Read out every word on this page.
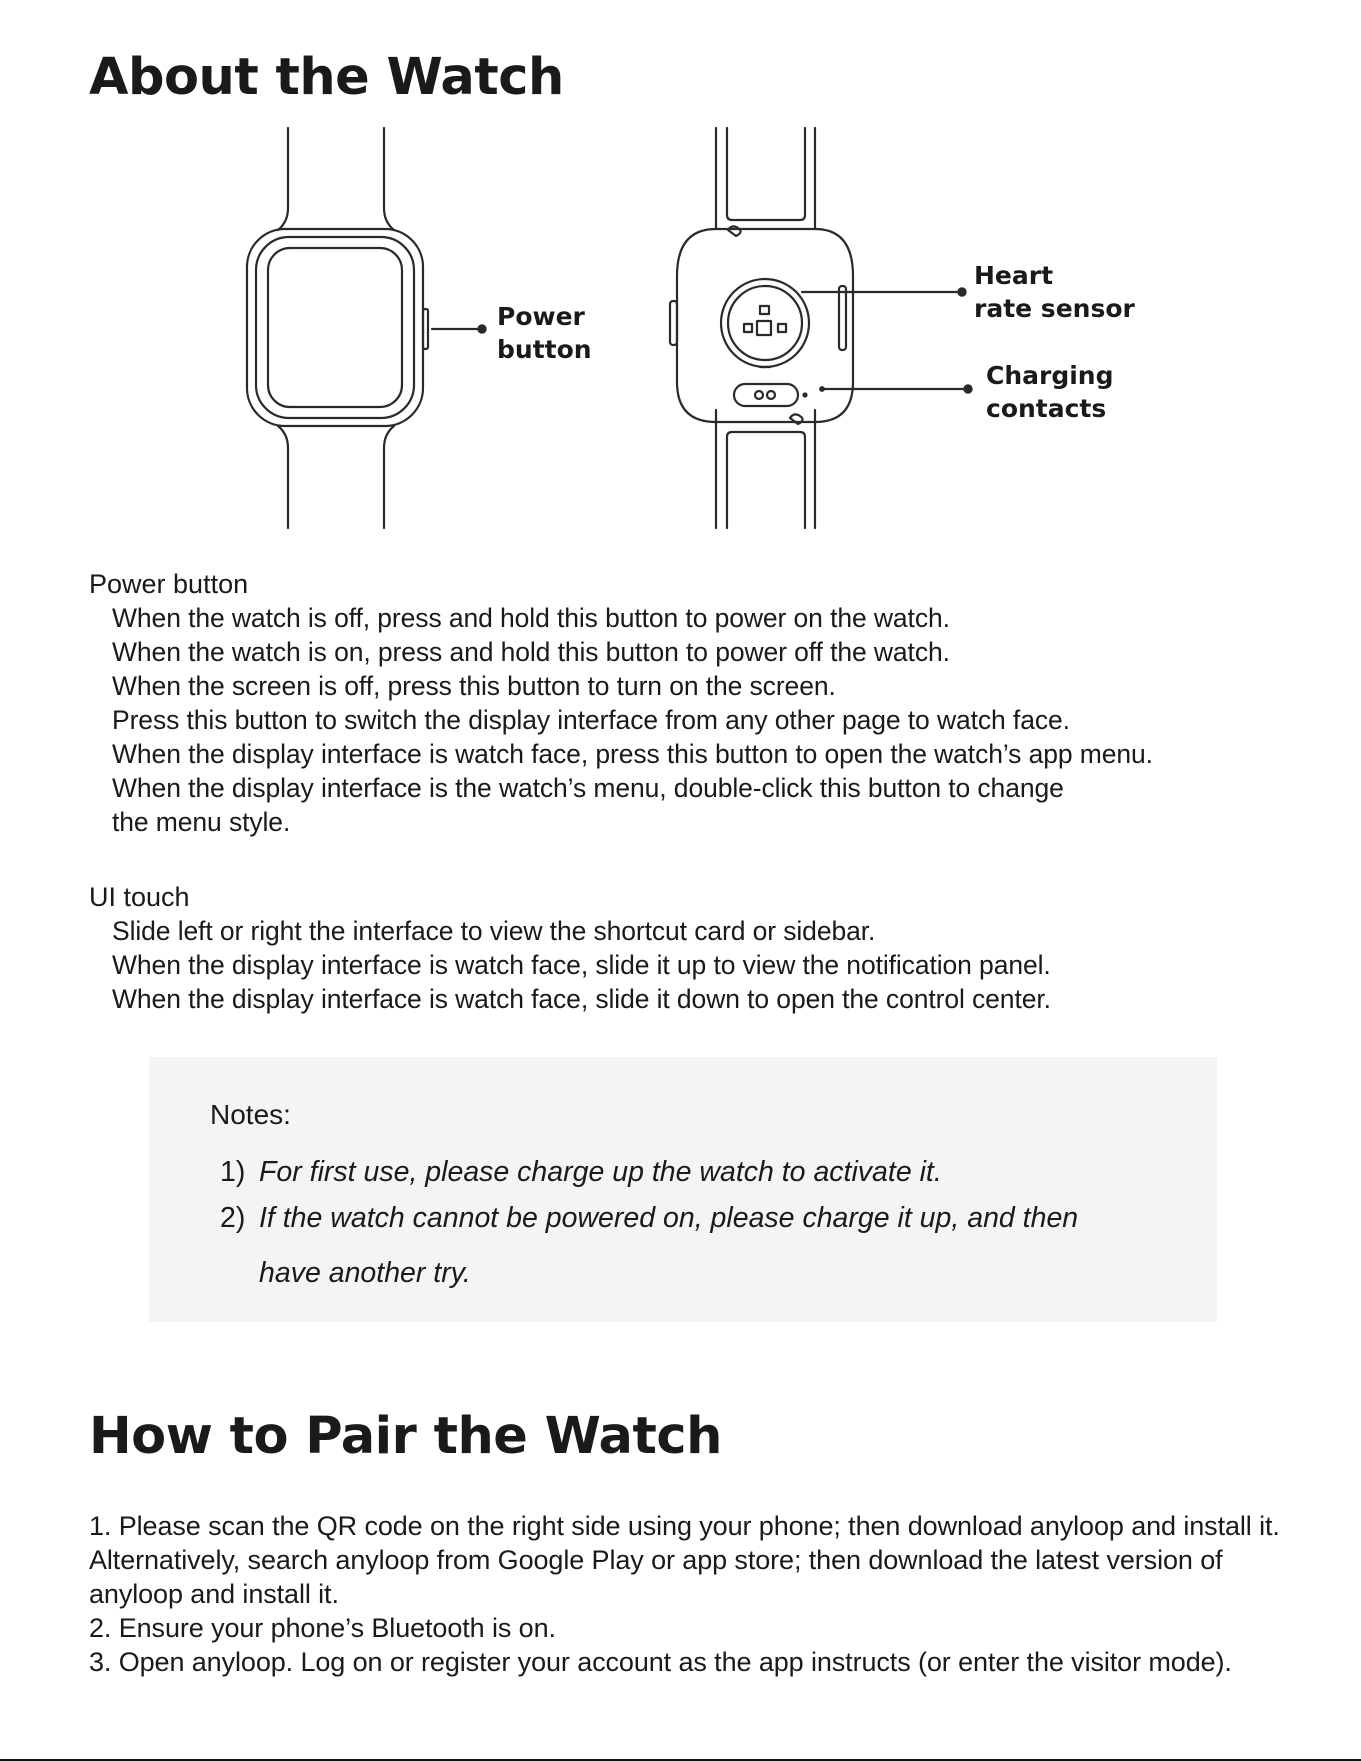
About the Watch
Power
button
Heart
rate sensor
Charging
contacts

Power button

When the watch is off, press and hold this button to power on the watch.
When the watch is on, press and hold this button to power off the watch.
When the screen is off, press this button to turn on the screen.
Press this button to switch the display interface from any other page to watch face.
When the display interface is watch face, press this button to open the watch’s app menu.
When the display interface is the watch’s menu, double-click this button to change
the menu style.

UI touch

Slide left or right the interface to view the shortcut card or sidebar.
When the display interface is watch face, slide it up to view the notification panel.
When the display interface is watch face, slide it down to open the control center.
Notes:
1) For first use, please charge up the watch to activate it.
2) If the watch cannot be powered on, please charge it up, and then have another try.
How to Pair the Watch

1. Please scan the QR code on the right side using your phone; then download anyloop and install it. Alternatively, search anyloop from Google Play or app store; then download the latest version of anyloop and install it.

2. Ensure your phone’s Bluetooth is on.

3. Open anyloop. Log on or register your account as the app instructs (or enter the visitor mode).
